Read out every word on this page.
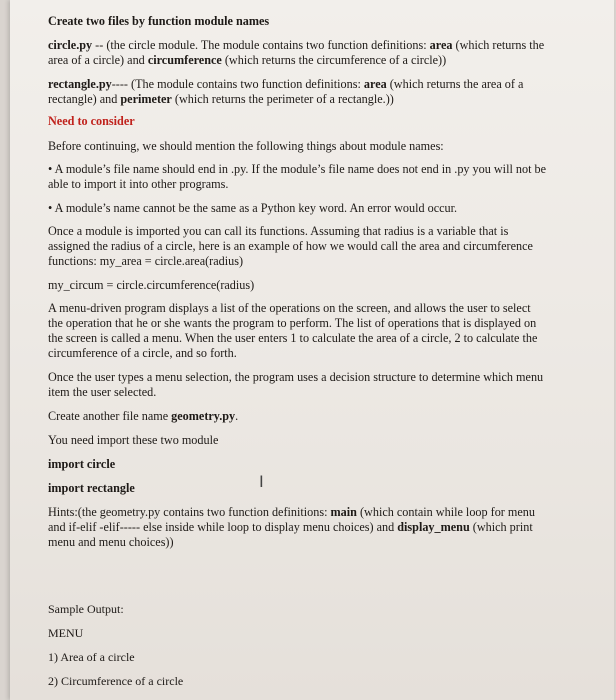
Create two files by function module names

circle.py -- (the circle module. The module contains two function definitions: area (which returns the area of a circle) and circumference (which returns the circumference of a circle))

rectangle.py---- (The module contains two function definitions: area (which returns the area of a rectangle) and perimeter (which returns the perimeter of a rectangle.))

Need to consider

Before continuing, we should mention the following things about module names:

• A module’s file name should end in .py. If the module’s file name does not end in .py you will not be able to import it into other programs.

• A module’s name cannot be the same as a Python key word. An error would occur.

Once a module is imported you can call its functions. Assuming that radius is a variable that is assigned the radius of a circle, here is an example of how we would call the area and circumference functions: my_area = circle.area(radius)

my_circum = circle.circumference(radius)

A menu-driven program displays a list of the operations on the screen, and allows the user to select the operation that he or she wants the program to perform. The list of operations that is displayed on the screen is called a menu. When the user enters 1 to calculate the area of a circle, 2 to calculate the circumference of a circle, and so forth.

Once the user types a menu selection, the program uses a decision structure to determine which menu item the user selected.

Create another file name geometry.py.

You need import these two module

import circle

import rectangle

Hints:(the geometry.py contains two function definitions: main (which contain while loop for menu and if-elif -elif----- else inside while loop to display menu choices) and display_menu (which print menu and menu choices))

Sample Output:

MENU

1) Area of a circle

2) Circumference of a circle

I
